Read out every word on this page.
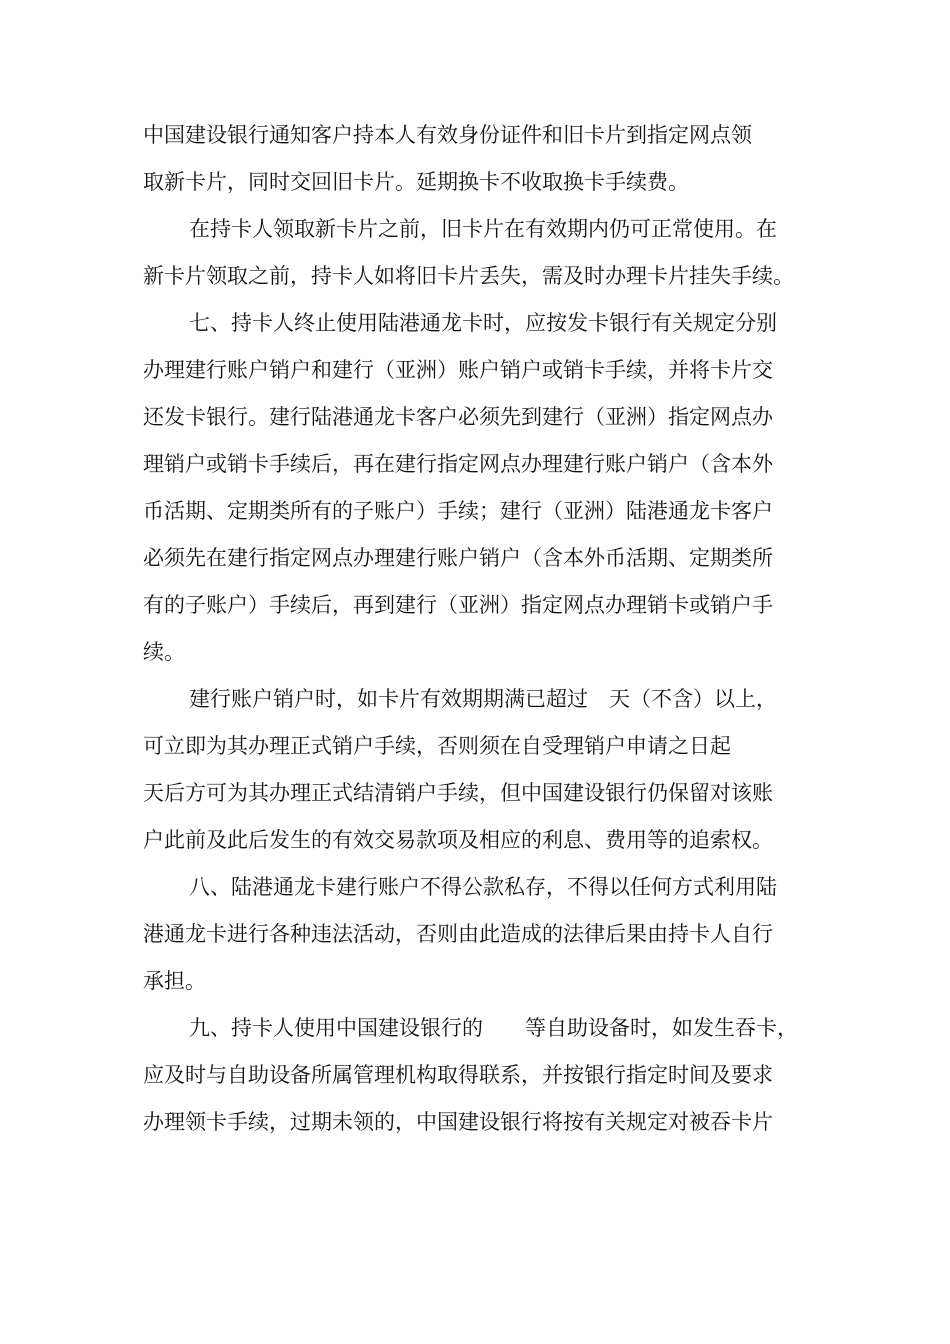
中国建设银行通知客户持本人有效身份证件和旧卡片到指定网点领
取新卡片，同时交回旧卡片。延期换卡不收取换卡手续费。
在持卡人领取新卡片之前，旧卡片在有效期内仍可正常使用。在
新卡片领取之前，持卡人如将旧卡片丢失，需及时办理卡片挂失手续。
七、持卡人终止使用陆港通龙卡时，应按发卡银行有关规定分别
办理建行账户销户和建行（亚洲）账户销户或销卡手续，并将卡片交
还发卡银行。建行陆港通龙卡客户必须先到建行（亚洲）指定网点办
理销户或销卡手续后，再在建行指定网点办理建行账户销户（含本外
币活期、定期类所有的子账户）手续；建行（亚洲）陆港通龙卡客户
必须先在建行指定网点办理建行账户销户（含本外币活期、定期类所
有的子账户）手续后，再到建行（亚洲）指定网点办理销卡或销户手
续。
建行账户销户时，如卡片有效期期满已超过　天（不含）以上，
可立即为其办理正式销户手续，否则须在自受理销户申请之日起
天后方可为其办理正式结清销户手续，但中国建设银行仍保留对该账
户此前及此后发生的有效交易款项及相应的利息、费用等的追索权。
八、陆港通龙卡建行账户不得公款私存，不得以任何方式利用陆
港通龙卡进行各种违法活动，否则由此造成的法律后果由持卡人自行
承担。
九、持卡人使用中国建设银行的　　等自助设备时，如发生吞卡，
应及时与自助设备所属管理机构取得联系，并按银行指定时间及要求
办理领卡手续，过期未领的，中国建设银行将按有关规定对被吞卡片
